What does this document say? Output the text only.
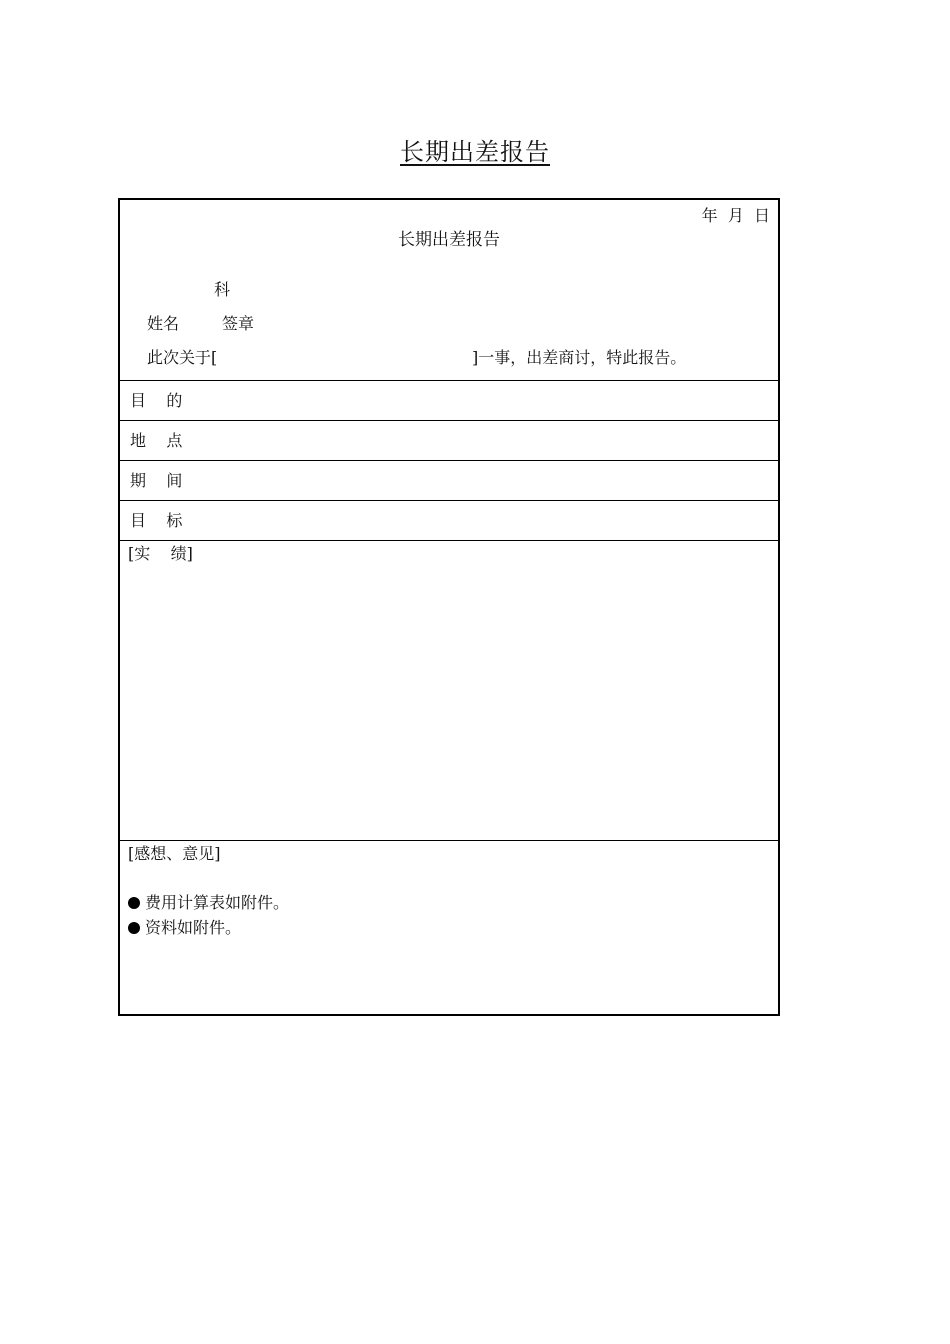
长期出差报告
年  月  日
长期出差报告
科
姓名	签章
此次关于[	]一事，出差商讨，特此报告。
目    的
地    点
期    间
目    标
[实    绩]
[感想、意见]
费用计算表如附件。
资料如附件。
